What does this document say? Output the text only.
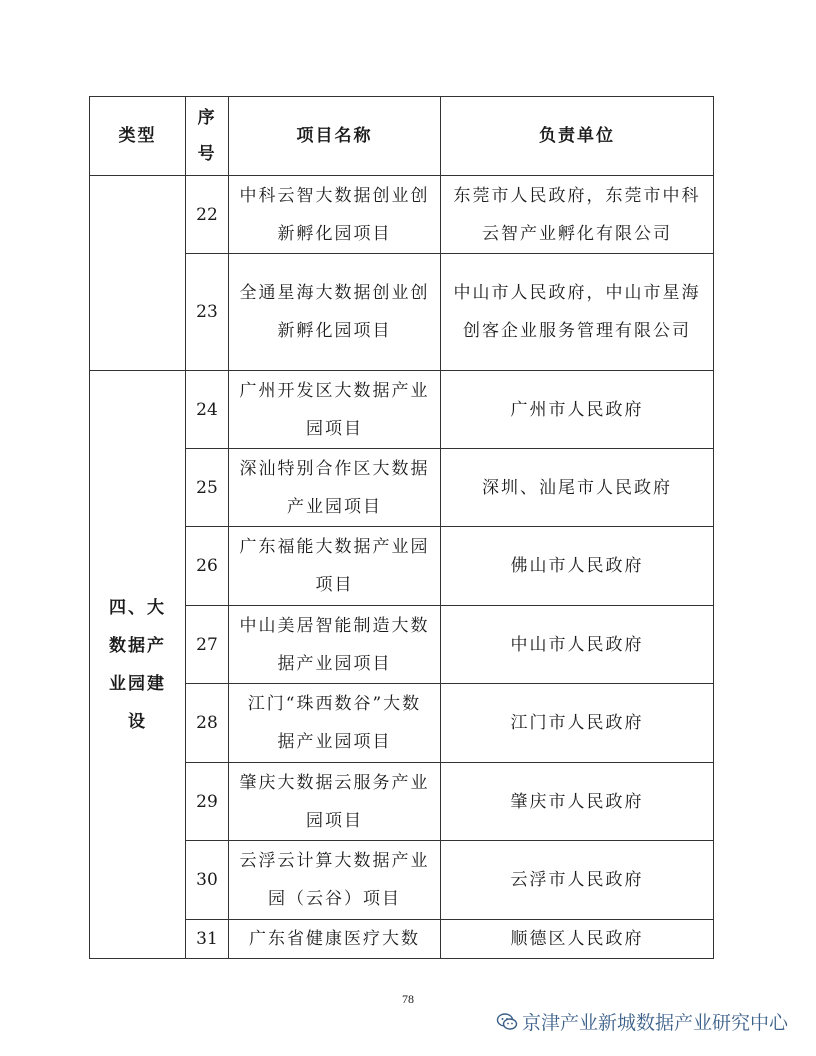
类型	序号	项目名称	负责单位
	22	中科云智大数据创业创新孵化园项目	东莞市人民政府，东莞市中科云智产业孵化有限公司
	23	全通星海大数据创业创新孵化园项目	中山市人民政府，中山市星海创客企业服务管理有限公司
四、大数据产业园建设	24	广州开发区大数据产业园项目	广州市人民政府
	25	深汕特别合作区大数据产业园项目	深圳、汕尾市人民政府
	26	广东福能大数据产业园项目	佛山市人民政府
	27	中山美居智能制造大数据产业园项目	中山市人民政府
	28	江门“珠西数谷”大数据产业园项目	江门市人民政府
	29	肇庆大数据云服务产业园项目	肇庆市人民政府
	30	云浮云计算大数据产业园（云谷）项目	云浮市人民政府
	31	广东省健康医疗大数	顺德区人民政府
78
京津产业新城数据产业研究中心
